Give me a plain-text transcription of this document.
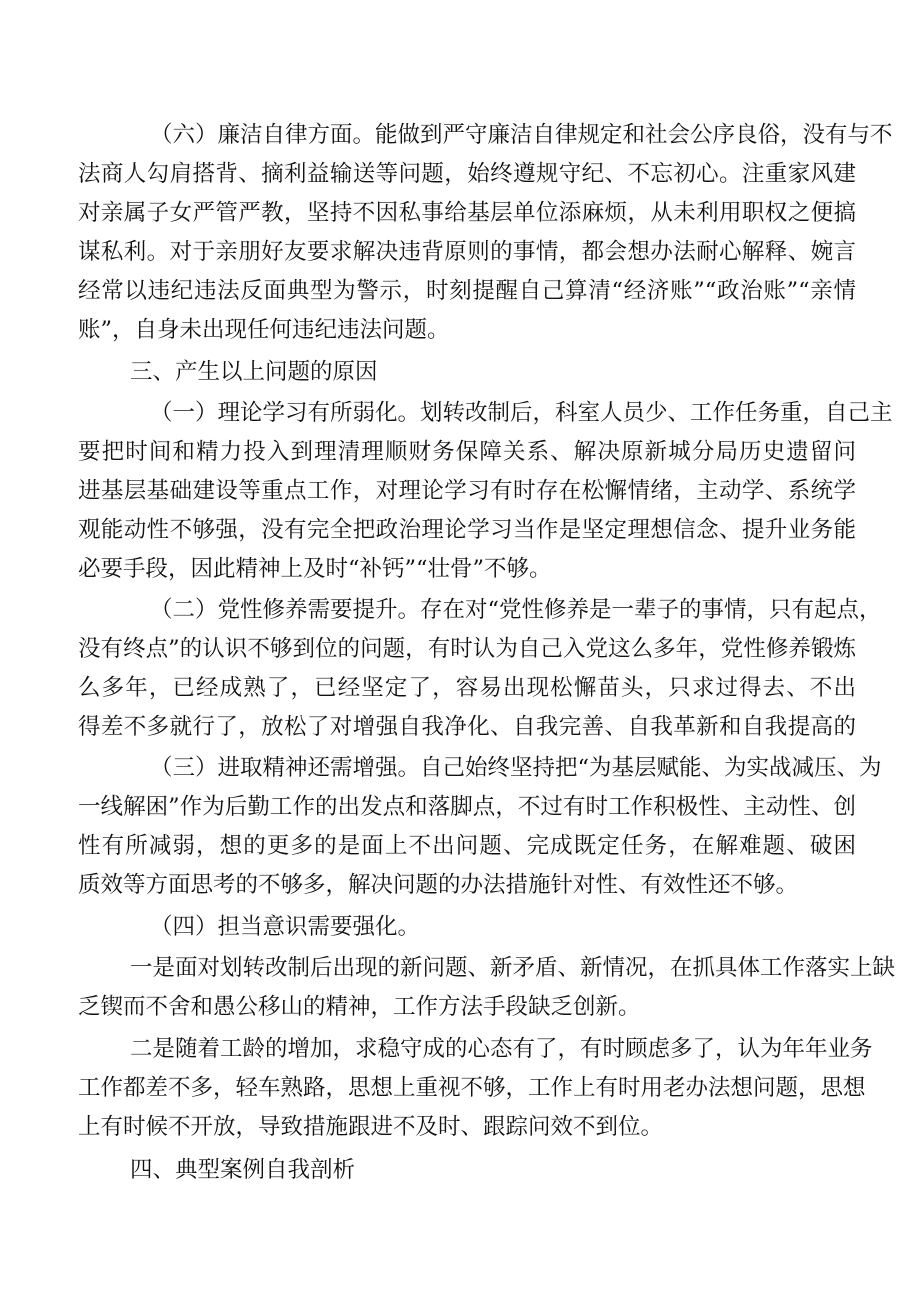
（六）廉洁自律方面。能做到严守廉洁自律规定和社会公序良俗，没有与不
法商人勾肩搭背、摘利益输送等问题，始终遵规守纪、不忘初心。注重家风建
对亲属子女严管严教，坚持不因私事给基层单位添麻烦，从未利用职权之便搞
谋私利。对于亲朋好友要求解决违背原则的事情，都会想办法耐心解释、婉言
经常以违纪违法反面典型为警示，时刻提醒自己算清“经济账”“政治账”“亲情
账”，自身未出现任何违纪违法问题。
三、产生以上问题的原因
（一）理论学习有所弱化。划转改制后，科室人员少、工作任务重，自己主
要把时间和精力投入到理清理顺财务保障关系、解决原新城分局历史遗留问
进基层基础建设等重点工作，对理论学习有时存在松懈情绪，主动学、系统学
观能动性不够强，没有完全把政治理论学习当作是坚定理想信念、提升业务能
必要手段，因此精神上及时“补钙”“壮骨”不够。
（二）党性修养需要提升。存在对“党性修养是一辈子的事情，只有起点，
没有终点”的认识不够到位的问题，有时认为自己入党这么多年，党性修养锻炼
么多年，已经成熟了，已经坚定了，容易出现松懈苗头，只求过得去、不出
得差不多就行了，放松了对增强自我净化、自我完善、自我革新和自我提高的
（三）进取精神还需增强。自己始终坚持把“为基层赋能、为实战减压、为
一线解困”作为后勤工作的出发点和落脚点，不过有时工作积极性、主动性、创
性有所减弱，想的更多的是面上不出问题、完成既定任务，在解难题、破困
质效等方面思考的不够多，解决问题的办法措施针对性、有效性还不够。
（四）担当意识需要强化。
一是面对划转改制后出现的新问题、新矛盾、新情况，在抓具体工作落实上缺
乏锲而不舍和愚公移山的精神，工作方法手段缺乏创新。
二是随着工龄的增加，求稳守成的心态有了，有时顾虑多了，认为年年业务
工作都差不多，轻车熟路，思想上重视不够，工作上有时用老办法想问题，思想
上有时候不开放，导致措施跟进不及时、跟踪问效不到位。
四、典型案例自我剖析
